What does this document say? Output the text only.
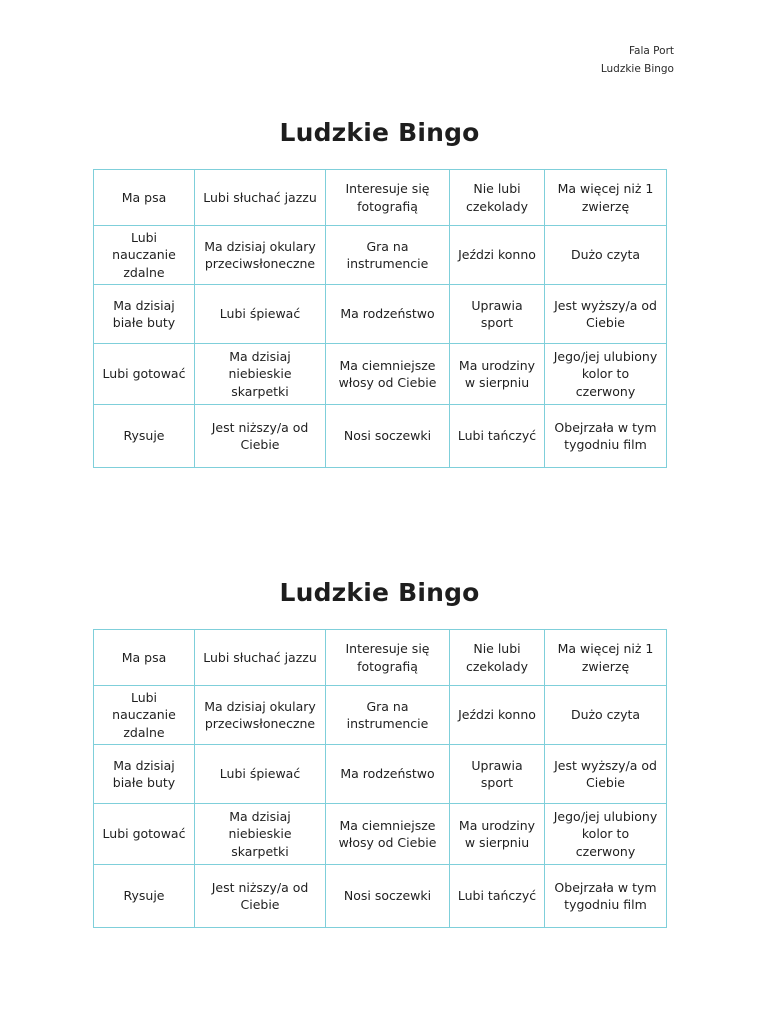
Fala Port
Ludzkie Bingo
Ludzkie Bingo
Ma psa	Lubi słuchać jazzu	Interesuje się fotografią	Nie lubi czekolady	Ma więcej niż 1 zwierzę
Lubi nauczanie zdalne	Ma dzisiaj okulary przeciwsłoneczne	Gra na instrumencie	Jeździ konno	Dużo czyta
Ma dzisiaj białe buty	Lubi śpiewać	Ma rodzeństwo	Uprawia sport	Jest wyższy/a od Ciebie
Lubi gotować	Ma dzisiaj niebieskie skarpetki	Ma ciemniejsze włosy od Ciebie	Ma urodziny w sierpniu	Jego/jej ulubiony kolor to czerwony
Rysuje	Jest niższy/a od Ciebie	Nosi soczewki	Lubi tańczyć	Obejrzała w tym tygodniu film
Ludzkie Bingo
Ma psa	Lubi słuchać jazzu	Interesuje się fotografią	Nie lubi czekolady	Ma więcej niż 1 zwierzę
Lubi nauczanie zdalne	Ma dzisiaj okulary przeciwsłoneczne	Gra na instrumencie	Jeździ konno	Dużo czyta
Ma dzisiaj białe buty	Lubi śpiewać	Ma rodzeństwo	Uprawia sport	Jest wyższy/a od Ciebie
Lubi gotować	Ma dzisiaj niebieskie skarpetki	Ma ciemniejsze włosy od Ciebie	Ma urodziny w sierpniu	Jego/jej ulubiony kolor to czerwony
Rysuje	Jest niższy/a od Ciebie	Nosi soczewki	Lubi tańczyć	Obejrzała w tym tygodniu film
